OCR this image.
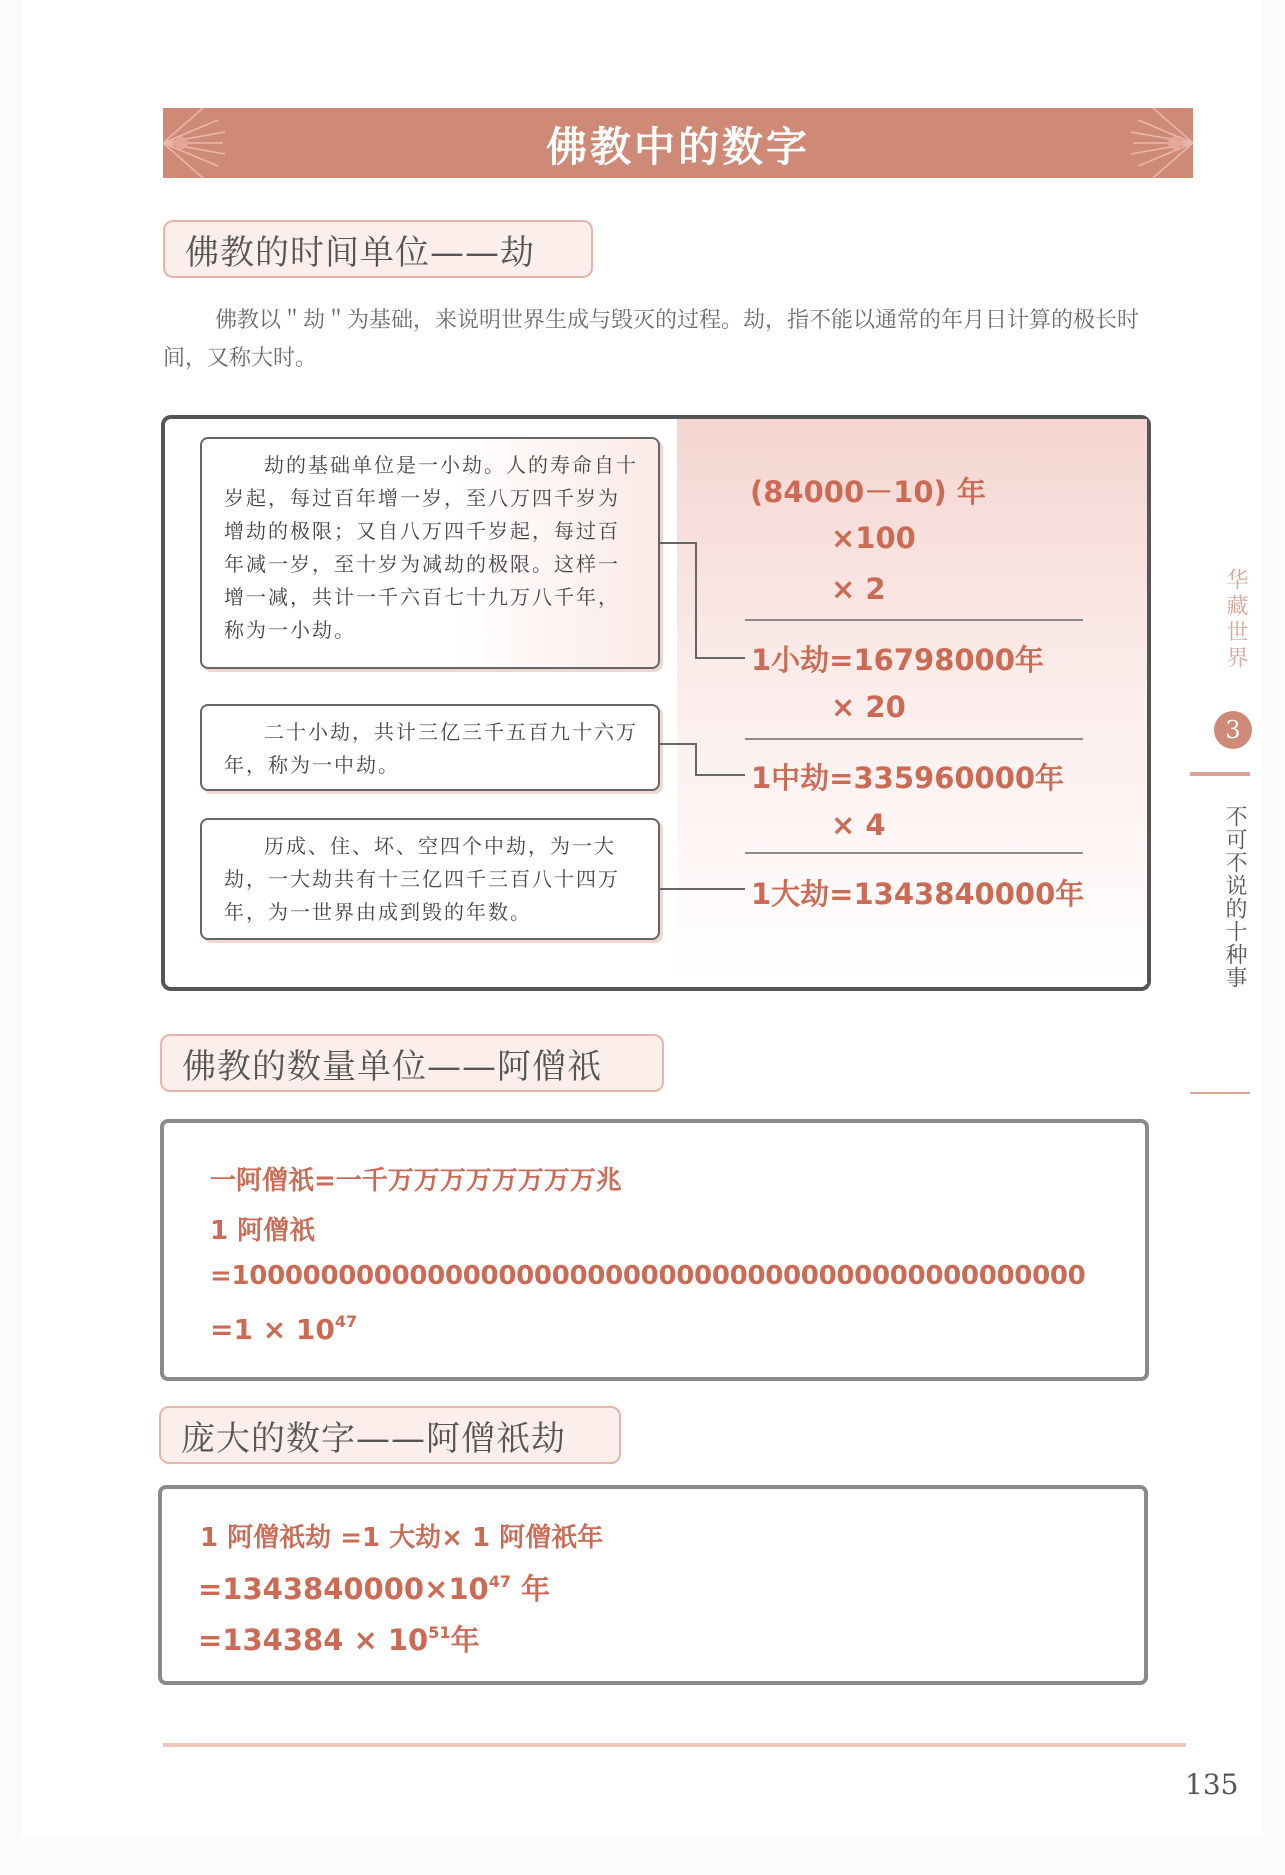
佛教中的数字
佛教的时间单位——劫
佛教以＂劫＂为基础，来说明世界生成与毁灭的过程。劫，指不能以通常的年月日计算的极长时间，又称大时。
劫的基础单位是一小劫。人的寿命自十岁起，每过百年增一岁，至八万四千岁为增劫的极限；又自八万四千岁起，每过百年减一岁，至十岁为减劫的极限。这样一增一减，共计一千六百七十九万八千年，称为一小劫。
二十小劫，共计三亿三千五百九十六万年，称为一中劫。
历成、住、坏、空四个中劫，为一大劫，一大劫共有十三亿四千三百八十四万年，为一世界由成到毁的年数。
(84000－10) 年
×100
× 2
1小劫=16798000年
× 20
1中劫=335960000年
× 4
1大劫=1343840000年
佛教的数量单位——阿僧祇
一阿僧祇=一千万万万万万万万万兆
1 阿僧祇
=100000000000000000000000000000000000000000000000
$=1 \times 10^{47}$
庞大的数字——阿僧祇劫
1 阿僧祇劫 =1 大劫× 1 阿僧祇年
$=1343840000\times 10^{47}$ 年
$=134384 \times 10^{51}$年
华藏世界
3
不可不说的十种事
135
